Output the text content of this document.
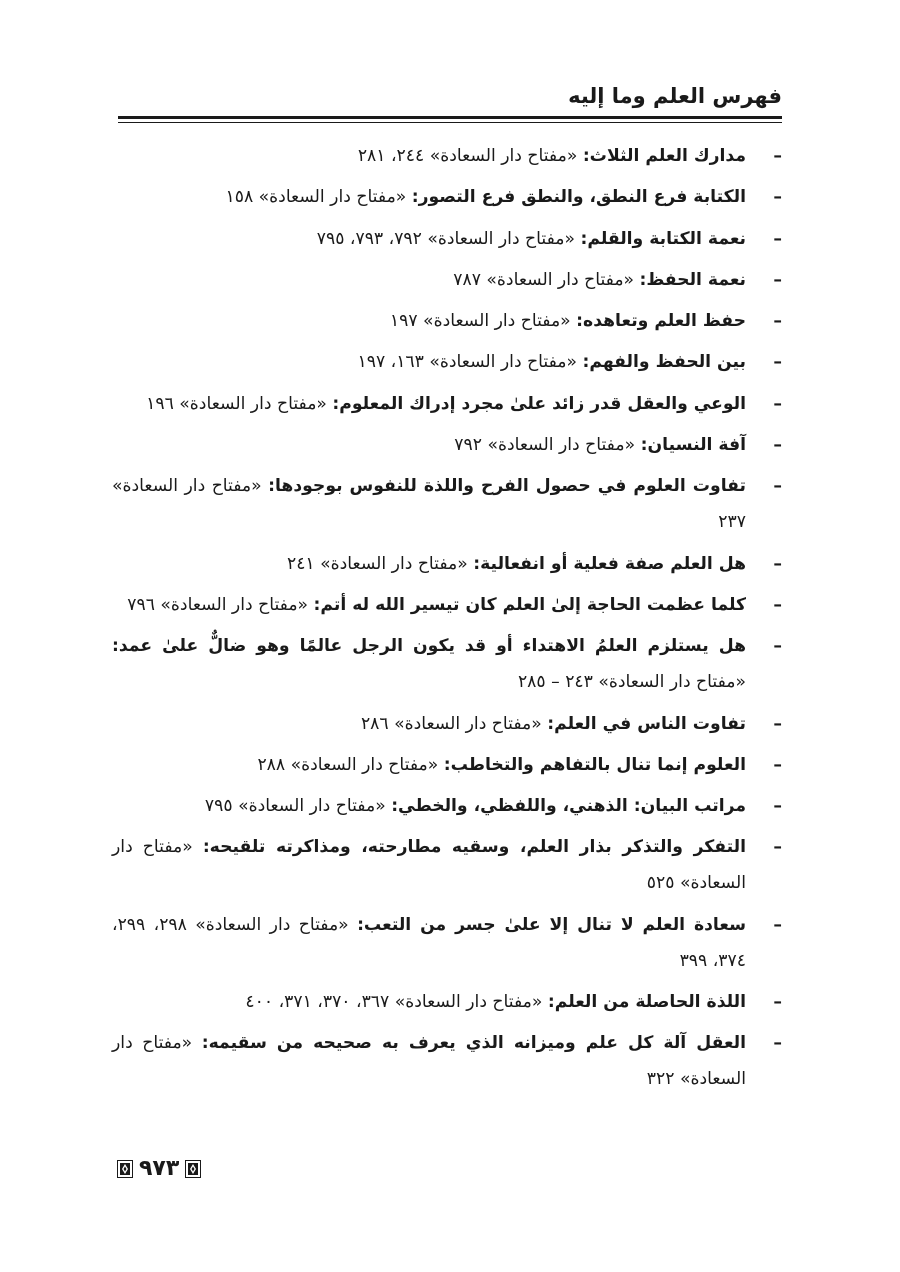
فهرس العلم وما إليه
–
مدارك العلم الثلاث: «مفتاح دار السعادة» ٢٤٤، ٢٨١
–
الكتابة فرع النطق، والنطق فرع التصور: «مفتاح دار السعادة» ١٥٨
–
نعمة الكتابة والقلم: «مفتاح دار السعادة» ٧٩٢، ٧٩٣، ٧٩٥
–
نعمة الحفظ: «مفتاح دار السعادة» ٧٨٧
–
حفظ العلم وتعاهده: «مفتاح دار السعادة» ١٩٧
–
بين الحفظ والفهم: «مفتاح دار السعادة» ١٦٣، ١٩٧
–
الوعي والعقل قدر زائد علىٰ مجرد إدراك المعلوم: «مفتاح دار السعادة» ١٩٦
–
آفة النسيان: «مفتاح دار السعادة» ٧٩٢
–
تفاوت العلوم في حصول الفرح واللذة للنفوس بوجودها: «مفتاح دار السعادة» ٢٣٧
–
هل العلم صفة فعلية أو انفعالية: «مفتاح دار السعادة» ٢٤١
–
كلما عظمت الحاجة إلىٰ العلم كان تيسير الله له أتم: «مفتاح دار السعادة» ٧٩٦
–
هل يستلزم العلمُ الاهتداء أو قد يكون الرجل عالمًا وهو ضالٌّ علىٰ عمد: «مفتاح دار السعادة» ٢٤٣ – ٢٨٥
–
تفاوت الناس في العلم: «مفتاح دار السعادة» ٢٨٦
–
العلوم إنما تنال بالتفاهم والتخاطب: «مفتاح دار السعادة» ٢٨٨
–
مراتب البيان: الذهني، واللفظي، والخطي: «مفتاح دار السعادة» ٧٩٥
–
التفكر والتذكر بذار العلم، وسقيه مطارحته، ومذاكرته تلقيحه: «مفتاح دار السعادة» ٥٢٥
–
سعادة العلم لا تنال إلا علىٰ جسر من التعب: «مفتاح دار السعادة» ٢٩٨، ٢٩٩، ٣٧٤، ٣٩٩
–
اللذة الحاصلة من العلم: «مفتاح دار السعادة» ٣٦٧، ٣٧٠، ٣٧١، ٤٠٠
–
العقل آلة كل علم وميزانه الذي يعرف به صحيحه من سقيمه: «مفتاح دار السعادة» ٣٢٢
٩٧٣
